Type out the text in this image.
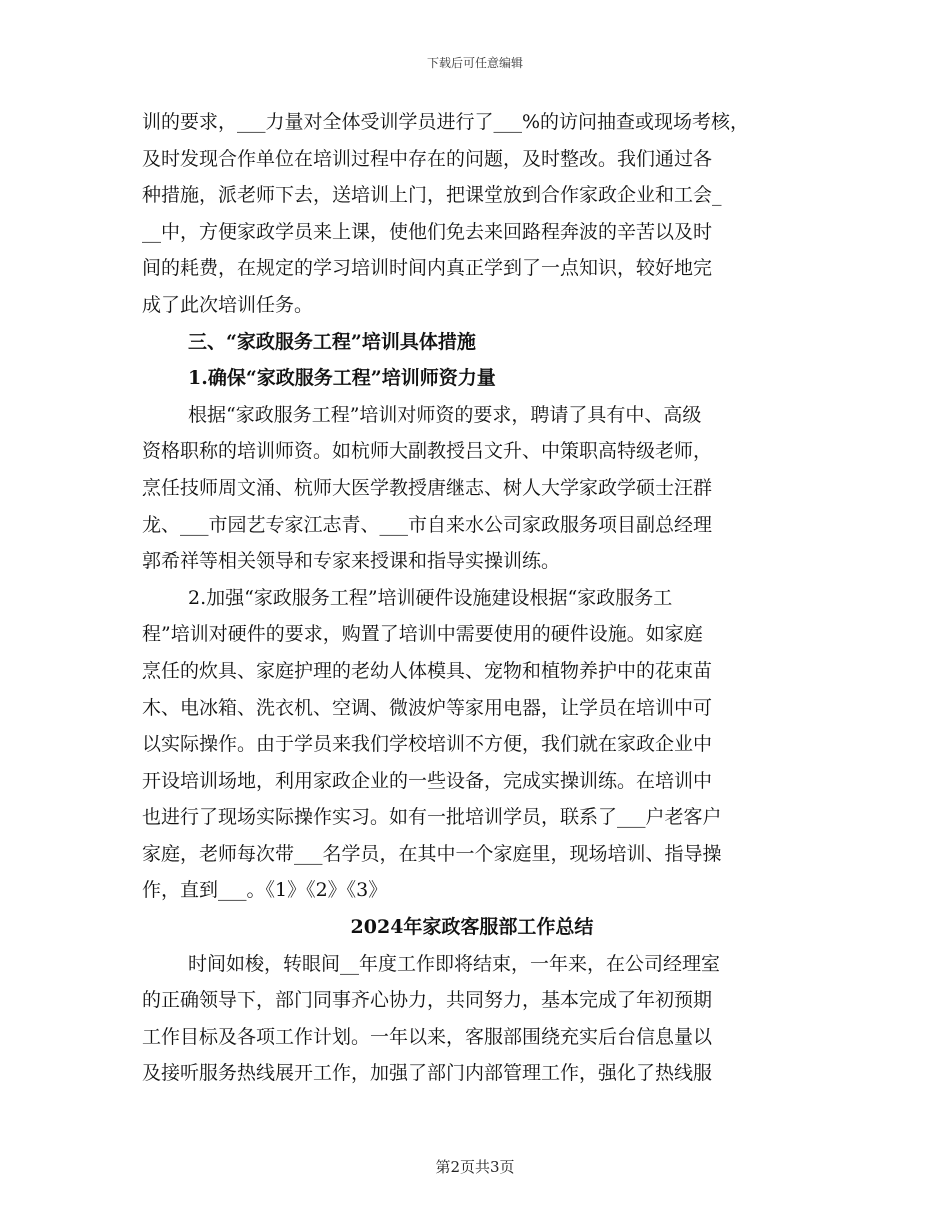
下载后可任意编辑
训的要求，___力量对全体受训学员进行了___%的访问抽查或现场考核，
及时发现合作单位在培训过程中存在的问题，及时整改。我们通过各
种措施，派老师下去，送培训上门，把课堂放到合作家政企业和工会_
__中，方便家政学员来上课，使他们免去来回路程奔波的辛苦以及时
间的耗费，在规定的学习培训时间内真正学到了一点知识，较好地完
成了此次培训任务。
三、“家政服务工程”培训具体措施
1.确保“家政服务工程”培训师资力量
根据“家政服务工程”培训对师资的要求，聘请了具有中、高级
资格职称的培训师资。如杭师大副教授吕文升、中策职高特级老师，
烹任技师周文涌、杭师大医学教授唐继志、树人大学家政学硕士汪群
龙、___市园艺专家江志青、___市自来水公司家政服务项目副总经理
郭希祥等相关领导和专家来授课和指导实操训练。
2.加强“家政服务工程”培训硬件设施建设根据“家政服务工
程”培训对硬件的要求，购置了培训中需要使用的硬件设施。如家庭
烹任的炊具、家庭护理的老幼人体模具、宠物和植物养护中的花束苗
木、电冰箱、洗衣机、空调、微波炉等家用电器，让学员在培训中可
以实际操作。由于学员来我们学校培训不方便，我们就在家政企业中
开设培训场地，利用家政企业的一些设备，完成实操训练。在培训中
也进行了现场实际操作实习。如有一批培训学员，联系了___户老客户
家庭，老师每次带___名学员，在其中一个家庭里，现场培训、指导操
作，直到___。《1》《2》《3》
2024年家政客服部工作总结
时间如梭，转眼间__年度工作即将结束，一年来，在公司经理室
的正确领导下，部门同事齐心协力，共同努力，基本完成了年初预期
工作目标及各项工作计划。一年以来，客服部围绕充实后台信息量以
及接听服务热线展开工作，加强了部门内部管理工作，强化了热线服
第2页共3页
